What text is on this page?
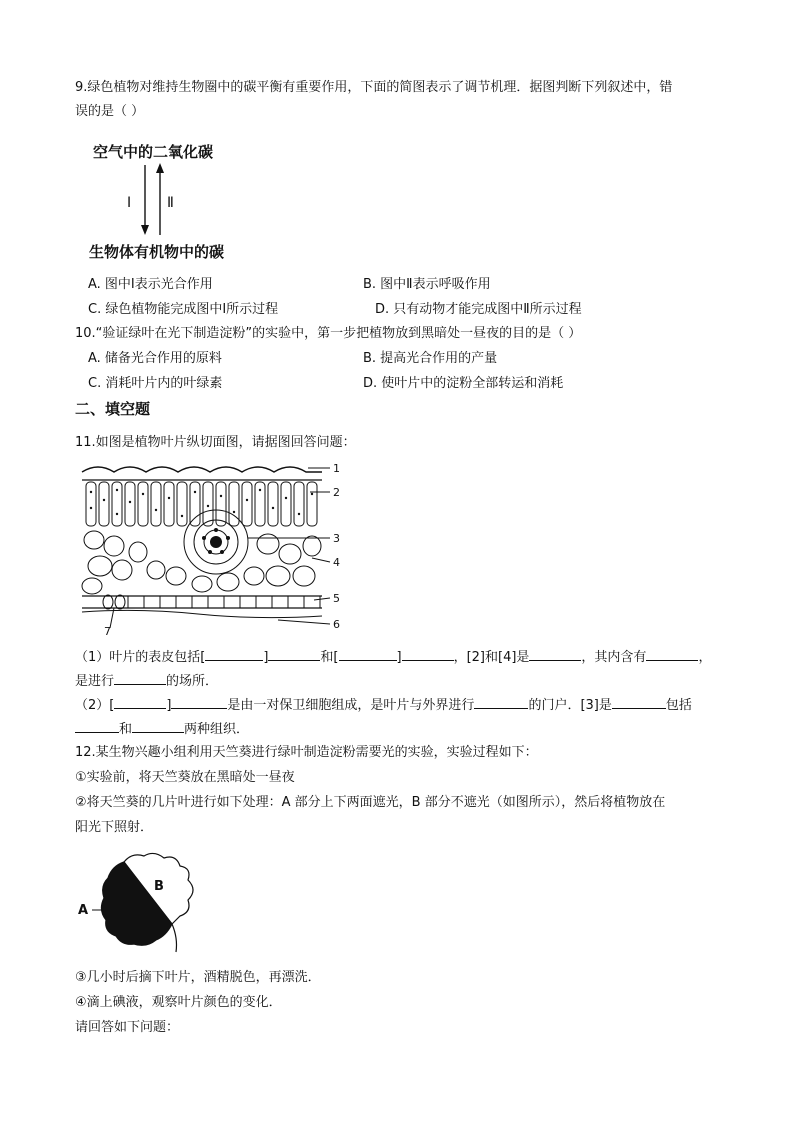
9.绿色植物对维持生物圈中的碳平衡有重要作用，下面的简图表示了调节机理．据图判断下列叙述中，错
误的是（ ）
空气中的二氧化碳
Ⅰ	Ⅱ
生物体有机物中的碳
A. 图中Ⅰ表示光合作用	B. 图中Ⅱ表示呼吸作用
C. 绿色植物能完成图中Ⅰ所示过程	D. 只有动物才能完成图中Ⅱ所示过程
10.“验证绿叶在光下制造淀粉”的实验中，第一步把植物放到黑暗处一昼夜的目的是（ ）
A. 储备光合作用的原料	B. 提高光合作用的产量
C. 消耗叶片内的叶绿素	D. 使叶片中的淀粉全部转运和消耗
二、填空题
11.如图是植物叶片纵切面图，请据图回答问题：
1
2
3
4
5
6
7
（1）叶片的表皮包括[	]	和[	]	，[2]和[4]是	，其内含有	，
是进行	的场所．
（2）[	]	是由一对保卫细胞组成，是叶片与外界进行	的门户．[3]是	包括
和	两种组织．
12.某生物兴趣小组利用天竺葵进行绿叶制造淀粉需要光的实验，实验过程如下：
①实验前，将天竺葵放在黑暗处一昼夜
②将天竺葵的几片叶进行如下处理：A 部分上下两面遮光，B 部分不遮光（如图所示），然后将植物放在
阳光下照射．
A
B
③几小时后摘下叶片，酒精脱色，再漂洗．
④滴上碘液，观察叶片颜色的变化．
请回答如下问题：
